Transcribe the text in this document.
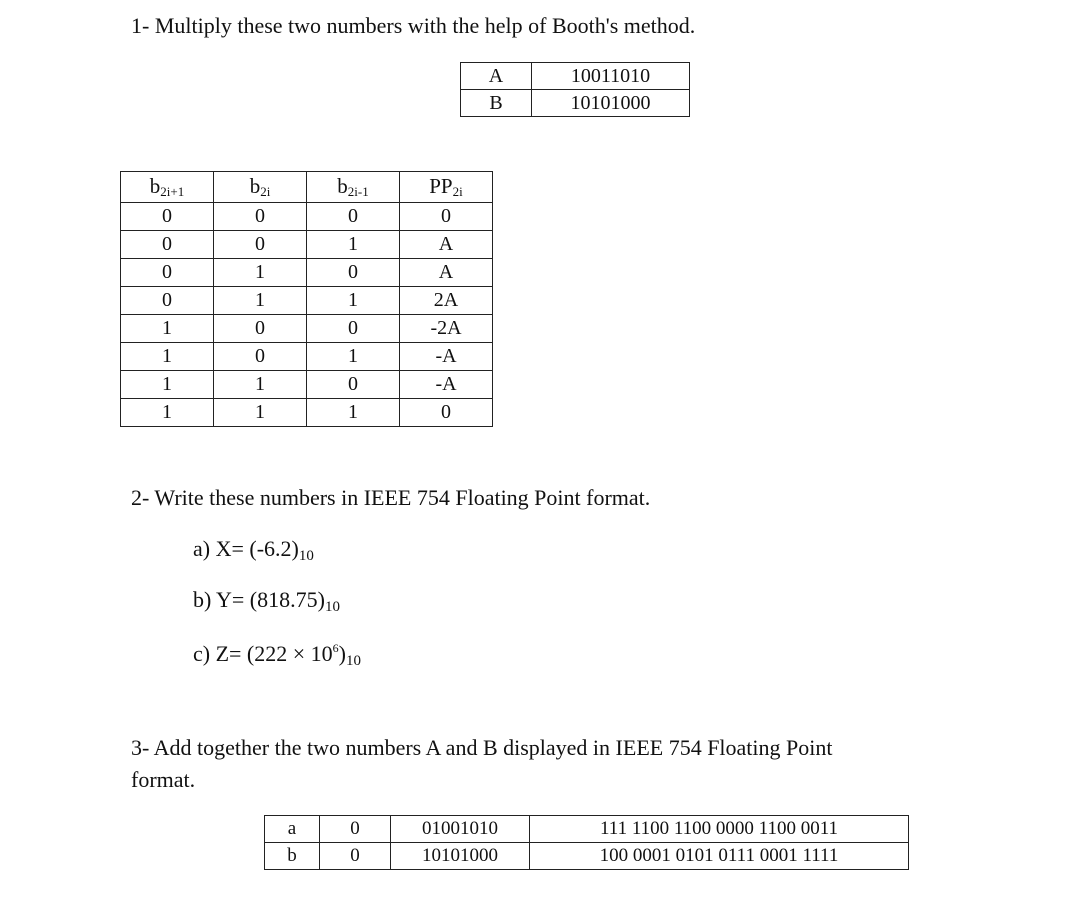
1- Multiply these two numbers with the help of Booth's method.

A	10011010
B	10101000
$b_{2i+1}$	$b_{2i}$	$b_{2i-1}$	$PP_{2i}$
0	0	0	0
0	0	1	A
0	1	0	A
0	1	1	2A
1	0	0	-2A
1	0	1	-A
1	1	0	-A
1	1	1	0

2- Write these numbers in IEEE 754 Floating Point format.

a) $X= (-6.2)_{10}$
b) $Y= (818.75)_{10}$
c) $Z= (222 \times 10^6)_{10}$

3- Add together the two numbers A and B displayed in IEEE 754 Floating Point

format.

a	0	01001010	111 1100 1100 0000 1100 0011
b	0	10101000	100 0001 0101 0111 0001 1111
